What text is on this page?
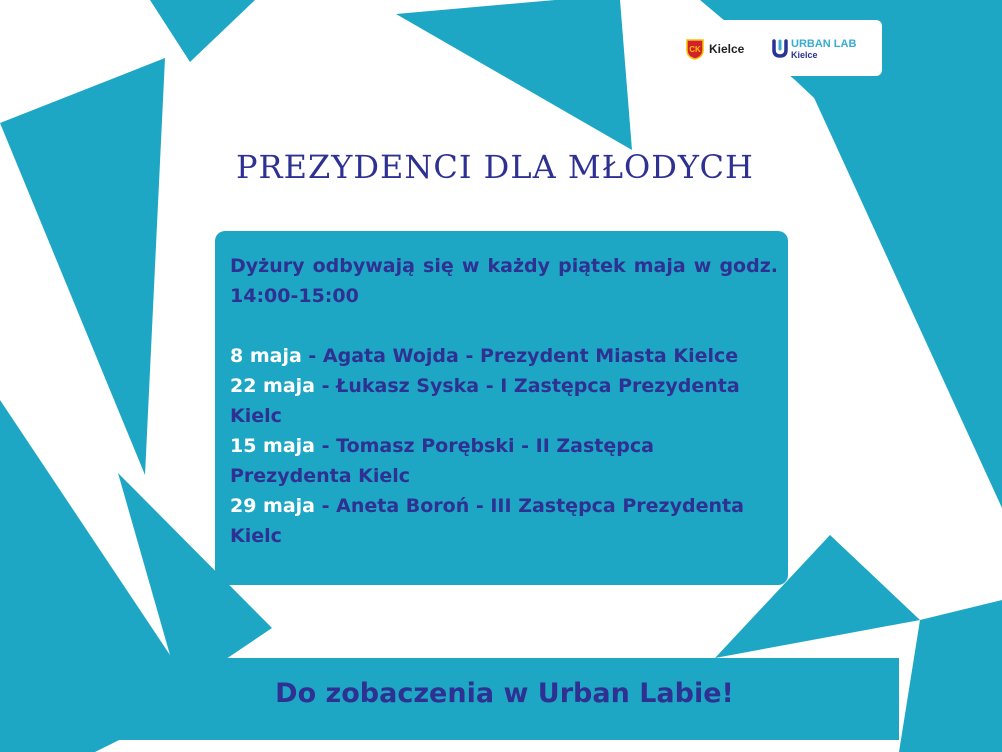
CK Kielce	URBAN LAB
Kielce
PREZYDENCI DLA MŁODYCH

Dyżury odbywają się w każdy piątek maja w godz. 14:00-15:00

8 maja - Agata Wojda - Prezydent Miasta Kielce

22 maja - Łukasz Syska - I Zastępca Prezydenta Kielc

15 maja - Tomasz Porębski - II Zastępca Prezydenta Kielc

29 maja - Aneta Boroń - III Zastępca Prezydenta Kielc

Do zobaczenia w Urban Labie!
